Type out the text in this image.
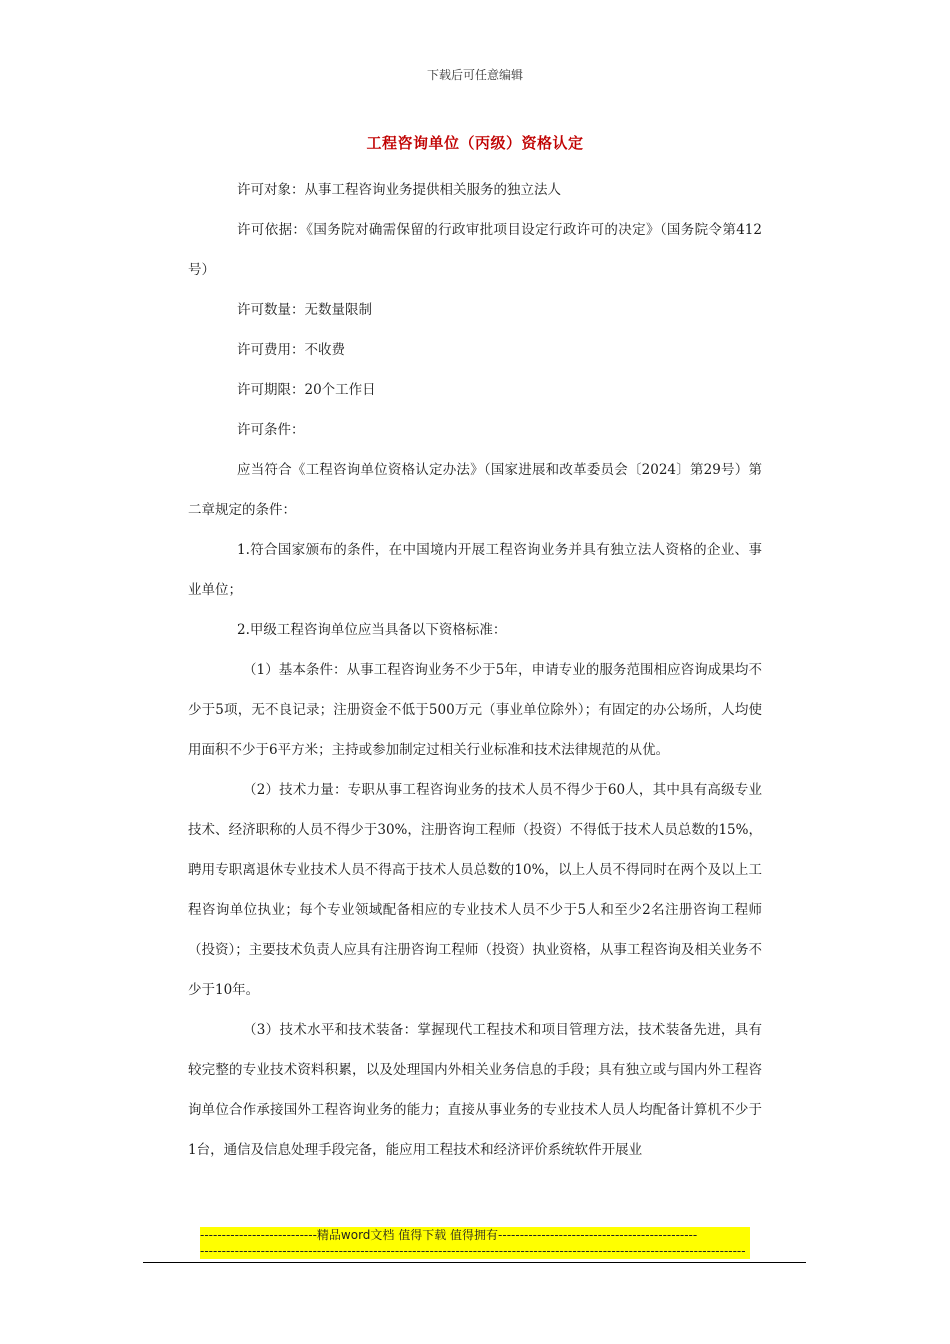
下载后可任意编辑
工程咨询单位（丙级）资格认定

许可对象：从事工程咨询业务提供相关服务的独立法人

许可依据：《国务院对确需保留的行政审批项目设定行政许可的决定》（国务院令第412号）

许可数量：无数量限制

许可费用：不收费

许可期限：20个工作日

许可条件：

应当符合《工程咨询单位资格认定办法》（国家进展和改革委员会〔2024〕第29号）第二章规定的条件：

1.符合国家颁布的条件，在中国境内开展工程咨询业务并具有独立法人资格的企业、事业单位；

2.甲级工程咨询单位应当具备以下资格标准：

（1）基本条件：从事工程咨询业务不少于5年，申请专业的服务范围相应咨询成果均不少于5项，无不良记录；注册资金不低于500万元（事业单位除外）；有固定的办公场所，人均使用面积不少于6平方米；主持或参加制定过相关行业标准和技术法律规范的从优。

（2）技术力量：专职从事工程咨询业务的技术人员不得少于60人，其中具有高级专业技术、经济职称的人员不得少于30%，注册咨询工程师（投资）不得低于技术人员总数的15%，聘用专职离退休专业技术人员不得高于技术人员总数的10%，以上人员不得同时在两个及以上工程咨询单位执业；每个专业领域配备相应的专业技术人员不少于5人和至少2名注册咨询工程师（投资）；主要技术负责人应具有注册咨询工程师（投资）执业资格，从事工程咨询及相关业务不少于10年。

（3）技术水平和技术装备：掌握现代工程技术和项目管理方法，技术装备先进，具有较完整的专业技术资料积累，以及处理国内外相关业务信息的手段；具有独立或与国内外工程咨询单位合作承接国外工程咨询业务的能力；直接从事业务的专业技术人员人均配备计算机不少于1台，通信及信息处理手段完备，能应用工程技术和经济评价系统软件开展业

---------------------------精品word文档 值得下载 值得拥有----------------------------------------------
------------------------------------------------------------------------------------------------------------------------------
